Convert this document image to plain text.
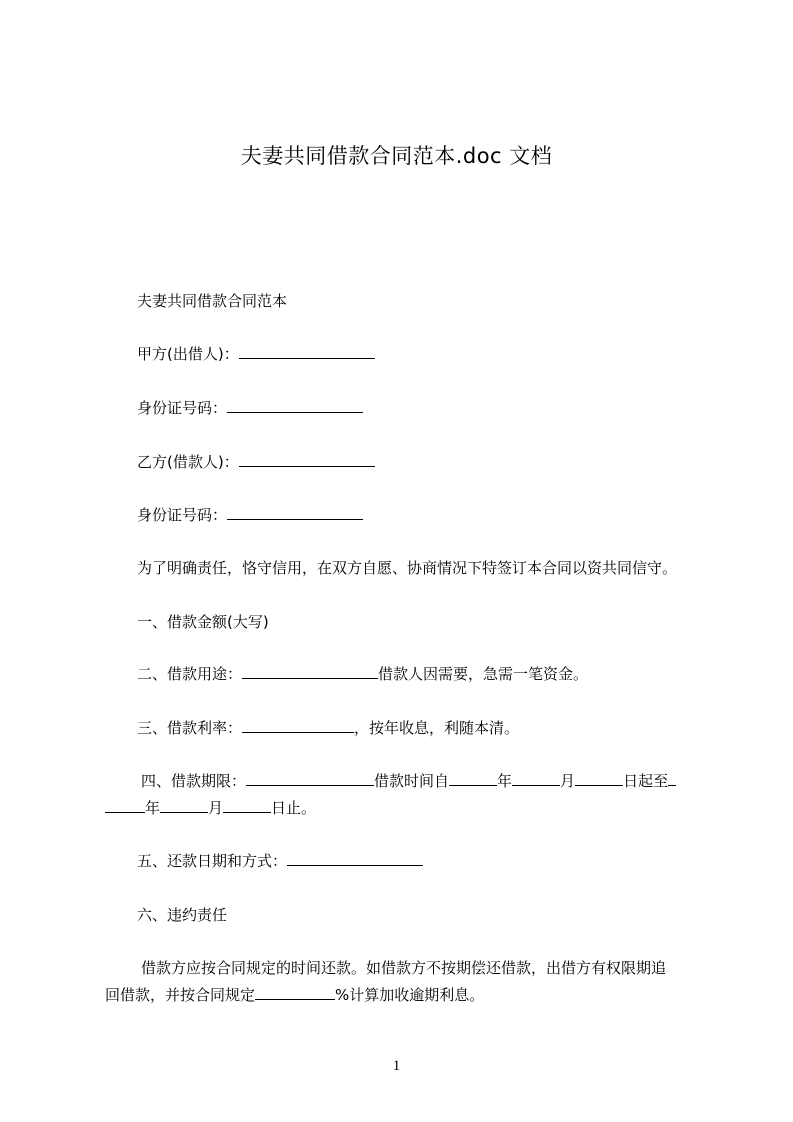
夫妻共同借款合同范本.doc 文档
夫妻共同借款合同范本
甲方(出借人)：
身份证号码：
乙方(借款人)：
身份证号码：
为了明确责任，恪守信用，在双方自愿、协商情况下特签订本合同以资共同信守。
一、借款金额(大写)
二、借款用途：	借款人因需要，急需一笔资金。
三、借款利率：	，按年收息，利随本清。
四、借款期限：	借款时间自	年	月	日起至
年	月	日止。
五、还款日期和方式：
六、违约责任
借款方应按合同规定的时间还款。如借款方不按期偿还借款，出借方有权限期追
回借款，并按合同规定	%计算加收逾期利息。
1
